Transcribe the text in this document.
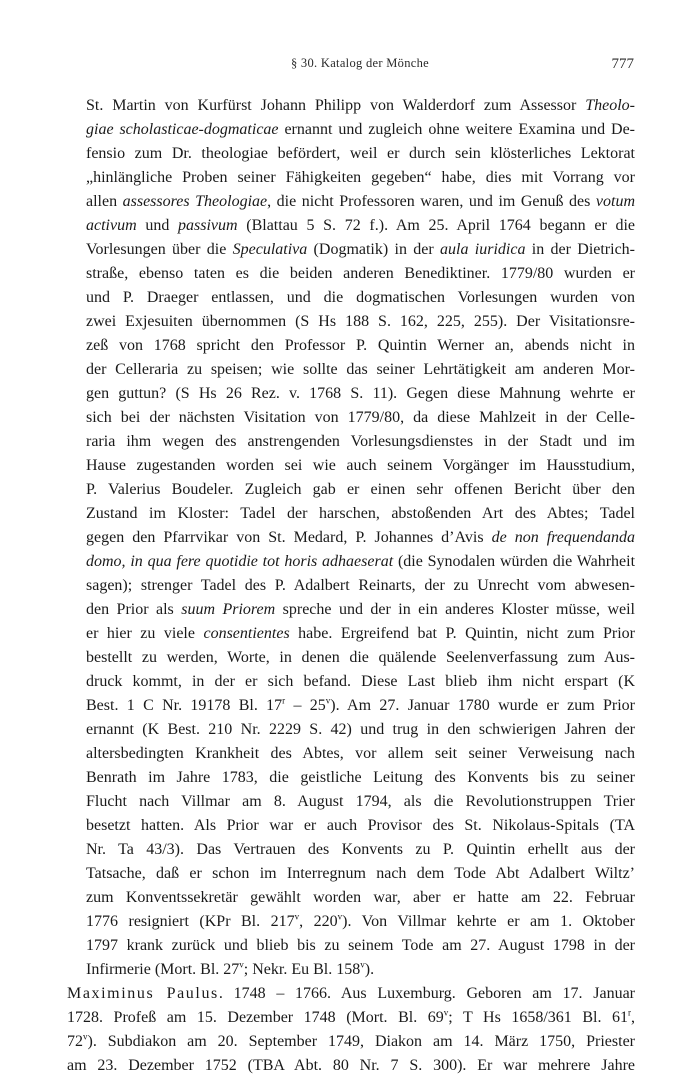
§ 30. Katalog der Mönche	777
St. Martin von Kurfürst Johann Philipp von Walderdorf zum Assessor Theolo-
giae scholasticae-dogmaticae ernannt und zugleich ohne weitere Examina und De-
fensio zum Dr. theologiae befördert, weil er durch sein klösterliches Lektorat
„hinlängliche Proben seiner Fähigkeiten gegeben“ habe, dies mit Vorrang vor
allen assessores Theologiae, die nicht Professoren waren, und im Genuß des votum
activum und passivum (Blattau 5 S. 72 f.). Am 25. April 1764 begann er die
Vorlesungen über die Speculativa (Dogmatik) in der aula iuridica in der Dietrich-
straße, ebenso taten es die beiden anderen Benediktiner. 1779/80 wurden er
und P. Draeger entlassen, und die dogmatischen Vorlesungen wurden von
zwei Exjesuiten übernommen (S Hs 188 S. 162, 225, 255). Der Visitationsre-
zeß von 1768 spricht den Professor P. Quintin Werner an, abends nicht in
der Celleraria zu speisen; wie sollte das seiner Lehrtätigkeit am anderen Mor-
gen guttun? (S Hs 26 Rez. v. 1768 S. 11). Gegen diese Mahnung wehrte er
sich bei der nächsten Visitation von 1779/80, da diese Mahlzeit in der Celle-
raria ihm wegen des anstrengenden Vorlesungsdienstes in der Stadt und im
Hause zugestanden worden sei wie auch seinem Vorgänger im Hausstudium,
P. Valerius Boudeler. Zugleich gab er einen sehr offenen Bericht über den
Zustand im Kloster: Tadel der harschen, abstoßenden Art des Abtes; Tadel
gegen den Pfarrvikar von St. Medard, P. Johannes d’Avis de non frequendanda
domo, in qua fere quotidie tot horis adhaeserat (die Synodalen würden die Wahrheit
sagen); strenger Tadel des P. Adalbert Reinarts, der zu Unrecht vom abwesen-
den Prior als suum Priorem spreche und der in ein anderes Kloster müsse, weil
er hier zu viele consentientes habe. Ergreifend bat P. Quintin, nicht zum Prior
bestellt zu werden, Worte, in denen die quälende Seelenverfassung zum Aus-
druck kommt, in der er sich befand. Diese Last blieb ihm nicht erspart (K
Best. 1 C Nr. 19178 Bl. 17$^r$ – 25$^v$). Am 27. Januar 1780 wurde er zum Prior
ernannt (K Best. 210 Nr. 2229 S. 42) und trug in den schwierigen Jahren der
altersbedingten Krankheit des Abtes, vor allem seit seiner Verweisung nach
Benrath im Jahre 1783, die geistliche Leitung des Konvents bis zu seiner
Flucht nach Villmar am 8. August 1794, als die Revolutionstruppen Trier
besetzt hatten. Als Prior war er auch Provisor des St. Nikolaus-Spitals (TA
Nr. Ta 43/3). Das Vertrauen des Konvents zu P. Quintin erhellt aus der
Tatsache, daß er schon im Interregnum nach dem Tode Abt Adalbert Wiltz’
zum Konventssekretär gewählt worden war, aber er hatte am 22. Februar
1776 resigniert (KPr Bl. 217$^v$, 220$^v$). Von Villmar kehrte er am 1. Oktober
1797 krank zurück und blieb bis zu seinem Tode am 27. August 1798 in der
Infirmerie (Mort. Bl. 27$^v$; Nekr. Eu Bl. 158$^v$).
Maximinus Paulus. 1748 – 1766. Aus Luxemburg. Geboren am 17. Januar
1728. Profeß am 15. Dezember 1748 (Mort. Bl. 69$^v$; T Hs 1658/361 Bl. 61$^r$,
72$^v$). Subdiakon am 20. September 1749, Diakon am 14. März 1750, Priester
am 23. Dezember 1752 (TBA Abt. 80 Nr. 7 S. 300). Er war mehrere Jahre
